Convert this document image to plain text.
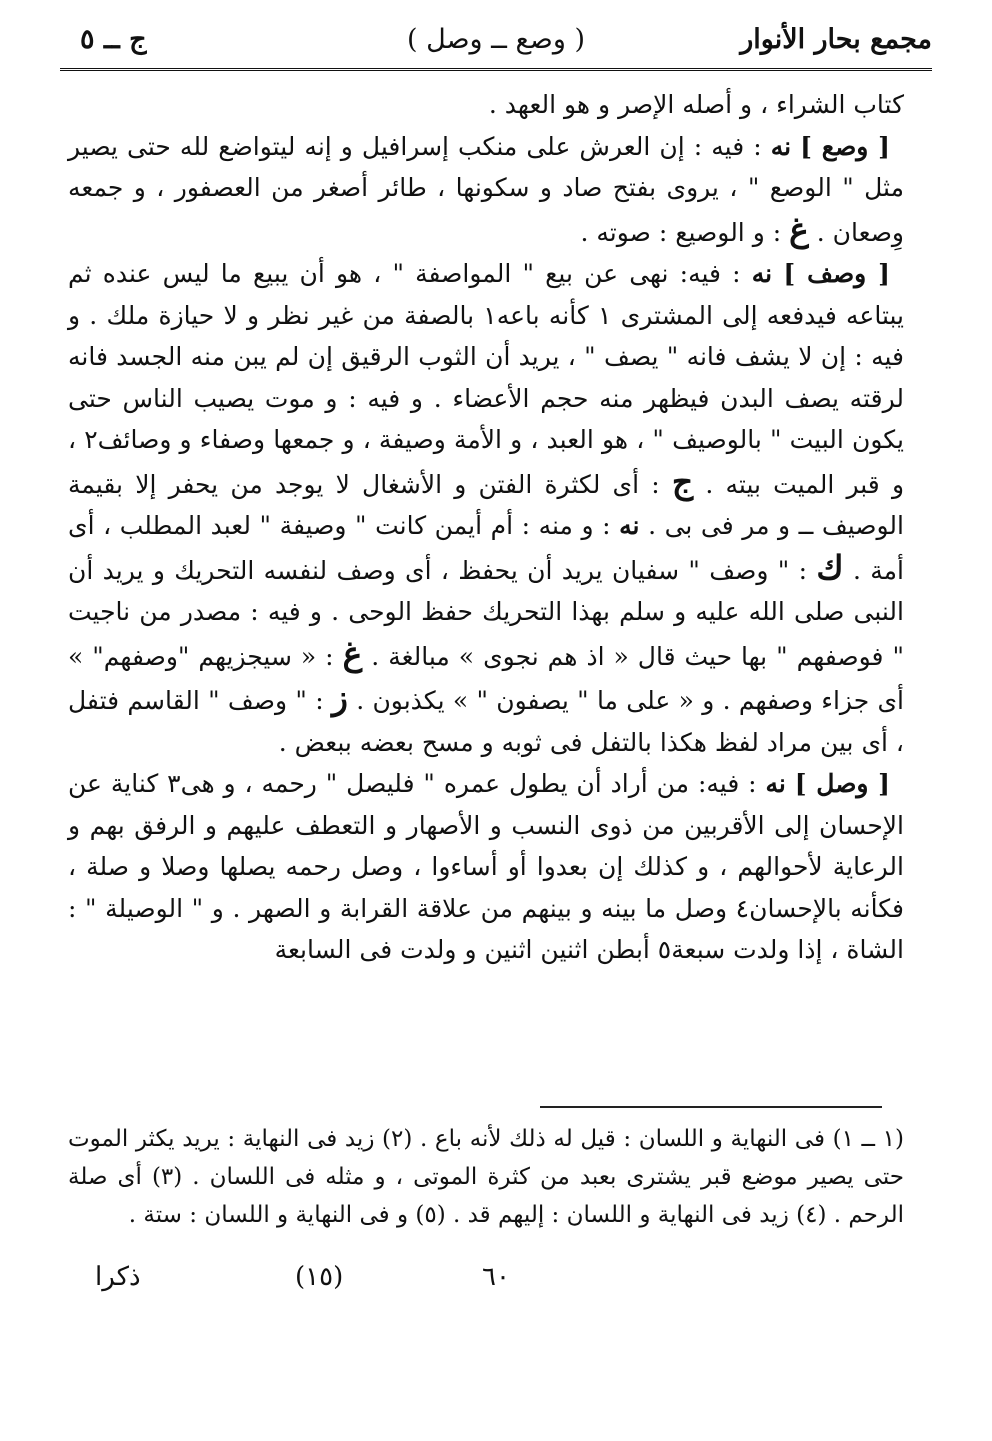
مجمع بحار الأنوار
( وصع ــ وصل )
ج ــ ٥

كتاب الشراء ، و أصله الإصر و هو العهد .

[ وصع ] نه : فيه : إن العرش على منكب إسرافيل و إنه ليتواضع لله حتى يصير مثل " الوصع " ، يروى بفتح صاد و سكونها ، طائر أصغر من العصفور ، و جمعه وِصعان . غ : و الوصيع : صوته .

[ وصف ] نه : فيه: نهى عن بيع " المواصفة " ، هو أن يبيع ما ليس عنده ثم يبتاعه فيدفعه إلى المشترى ١ كأنه باعه١ بالصفة من غير نظر و لا حيازة ملك . و فيه : إن لا يشف فانه " يصف " ، يريد أن الثوب الرقيق إن لم يبن منه الجسد فانه لرقته يصف البدن فيظهر منه حجم الأعضاء . و فيه : و موت يصيب الناس حتى يكون البيت " بالوصيف " ، هو العبد ، و الأمة وصيفة ، و جمعها وصفاء و وصائف٢ ، و قبر الميت بيته . ج : أى لكثرة الفتن و الأشغال لا يوجد من يحفر إلا بقيمة الوصيف ــ و مر فى بى . نه : و منه : أم أيمن كانت " وصيفة " لعبد المطلب ، أى أمة . ك : " وصف " سفيان يريد أن يحفظ ، أى وصف لنفسه التحريك و يريد أن النبى صلى الله عليه و سلم بهذا التحريك حفظ الوحى . و فيه : مصدر من ناجيت " فوصفهم " بها حيث قال « اذ هم نجوى » مبالغة . غ : « سيجزيهم "وصفهم" » أى جزاء وصفهم . و « على ما " يصفون " » يكذبون . ز : " وصف " القاسم فتفل ، أى بين مراد لفظ هكذا بالتفل فى ثوبه و مسح بعضه ببعض .

[ وصل ] نه : فيه: من أراد أن يطول عمره " فليصل " رحمه ، و هى٣ كناية عن الإحسان إلى الأقربين من ذوى النسب و الأصهار و التعطف عليهم و الرفق بهم و الرعاية لأحوالهم ، و كذلك إن بعدوا أو أساءوا ، وصل رحمه يصلها وصلا و صلة ، فكأنه بالإحسان٤ وصل ما بينه و بينهم من علاقة القرابة و الصهر . و " الوصيلة " : الشاة ، إذا ولدت سبعة٥ أبطن اثنين اثنين و ولدت فى السابعة

(١ ــ ١) فى النهاية و اللسان : قيل له ذلك لأنه باع . (٢) زيد فى النهاية : يريد يكثر الموت حتى يصير موضع قبر يشترى بعبد من كثرة الموتى ، و مثله فى اللسان . (٣) أى صلة الرحم . (٤) زيد فى النهاية و اللسان : إليهم قد . (٥) و فى النهاية و اللسان : ستة .

٦٠
(١٥)
ذكرا
